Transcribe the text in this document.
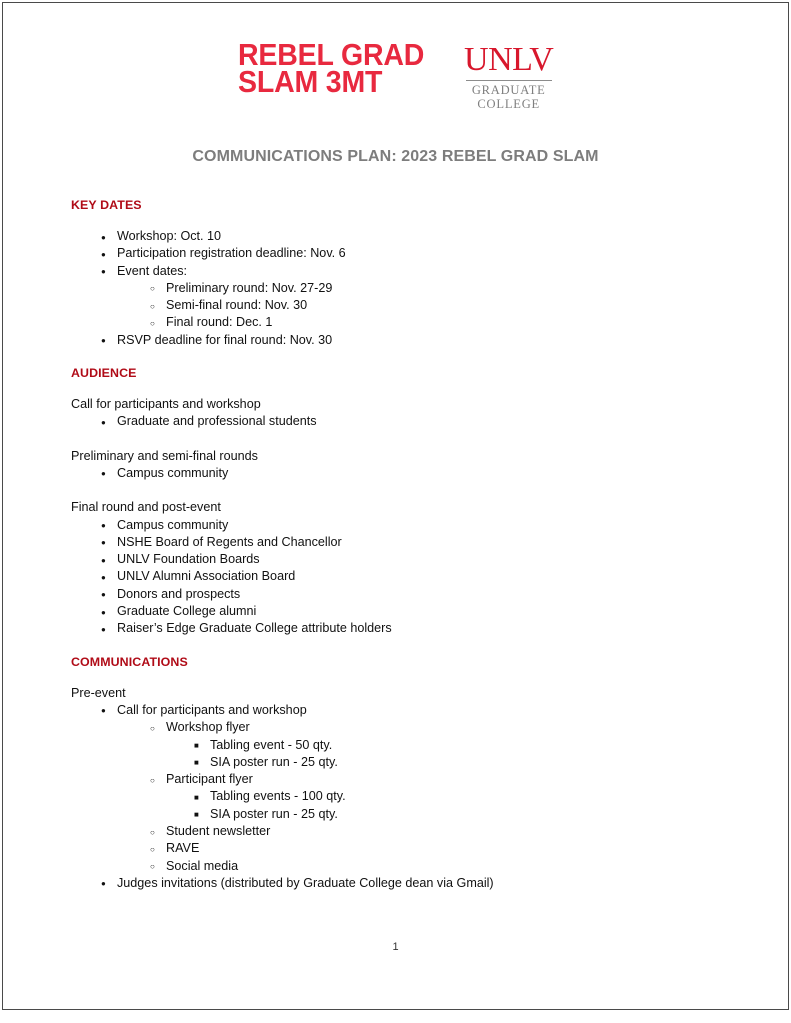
REBEL GRAD
SLAM 3MT
UNLV
GRADUATE
COLLEGE
COMMUNICATIONS PLAN: 2023 REBEL GRAD SLAM
KEY DATES
● Workshop: Oct. 10
● Participation registration deadline: Nov. 6
● Event dates:
○ Preliminary round: Nov. 27-29
○ Semi-final round: Nov. 30
○ Final round: Dec. 1
● RSVP deadline for final round: Nov. 30
AUDIENCE

Call for participants and workshop

● Graduate and professional students

Preliminary and semi-final rounds

● Campus community

Final round and post-event

● Campus community
● NSHE Board of Regents and Chancellor
● UNLV Foundation Boards
● UNLV Alumni Association Board
● Donors and prospects
● Graduate College alumni
● Raiser’s Edge Graduate College attribute holders
COMMUNICATIONS

Pre-event

● Call for participants and workshop
○ Workshop flyer
■ Tabling event - 50 qty.
■ SIA poster run - 25 qty.
○ Participant flyer
■ Tabling events - 100 qty.
■ SIA poster run - 25 qty.
○ Student newsletter
○ RAVE
○ Social media
● Judges invitations (distributed by Graduate College dean via Gmail)
1
